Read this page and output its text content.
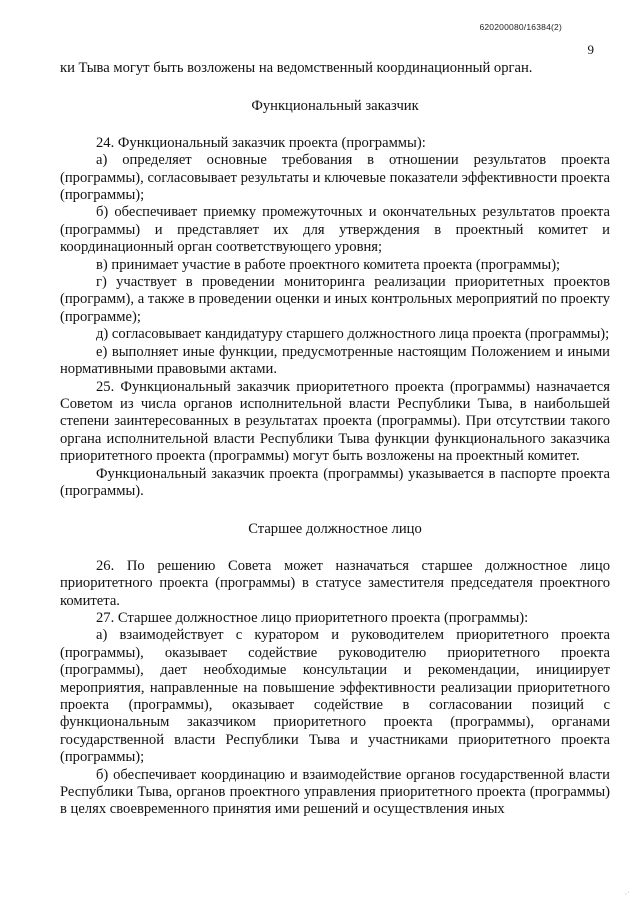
620200080/16384(2)
9

ки Тыва могут быть возложены на ведомственный координационный орган.

Функциональный заказчик

24. Функциональный заказчик проекта (программы):

а) определяет основные требования в отношении результатов проекта (программы), согласовывает результаты и ключевые показатели эффективности проекта (программы);

б) обеспечивает приемку промежуточных и окончательных результатов проекта (программы) и представляет их для утверждения в проектный комитет и координационный орган соответствующего уровня;

в) принимает участие в работе проектного комитета проекта (программы);

г) участвует в проведении мониторинга реализации приоритетных проектов (программ), а также в проведении оценки и иных контрольных мероприятий по проекту (программе);

д) согласовывает кандидатуру старшего должностного лица проекта (программы);

е) выполняет иные функции, предусмотренные настоящим Положением и иными нормативными правовыми актами.

25. Функциональный заказчик приоритетного проекта (программы) назначается Советом из числа органов исполнительной власти Республики Тыва, в наибольшей степени заинтересованных в результатах проекта (программы). При отсутствии такого органа исполнительной власти Республики Тыва функции функционального заказчика приоритетного проекта (программы) могут быть возложены на проектный комитет.

Функциональный заказчик проекта (программы) указывается в паспорте проекта (программы).

Старшее должностное лицо

26. По решению Совета может назначаться старшее должностное лицо приоритетного проекта (программы) в статусе заместителя председателя проектного комитета.

27. Старшее должностное лицо приоритетного проекта (программы):

а) взаимодействует с куратором и руководителем приоритетного проекта (программы), оказывает содействие руководителю приоритетного проекта (программы), дает необходимые консультации и рекомендации, инициирует мероприятия, направленные на повышение эффективности реализации приоритетного проекта (программы), оказывает содействие в согласовании позиций с функциональным заказчиком приоритетного проекта (программы), органами государственной власти Республики Тыва и участниками приоритетного проекта (программы);

б) обеспечивает координацию и взаимодействие органов государственной власти Республики Тыва, органов проектного управления приоритетного проекта (программы) в целях своевременного принятия ими решений и осуществления иных

·˙
